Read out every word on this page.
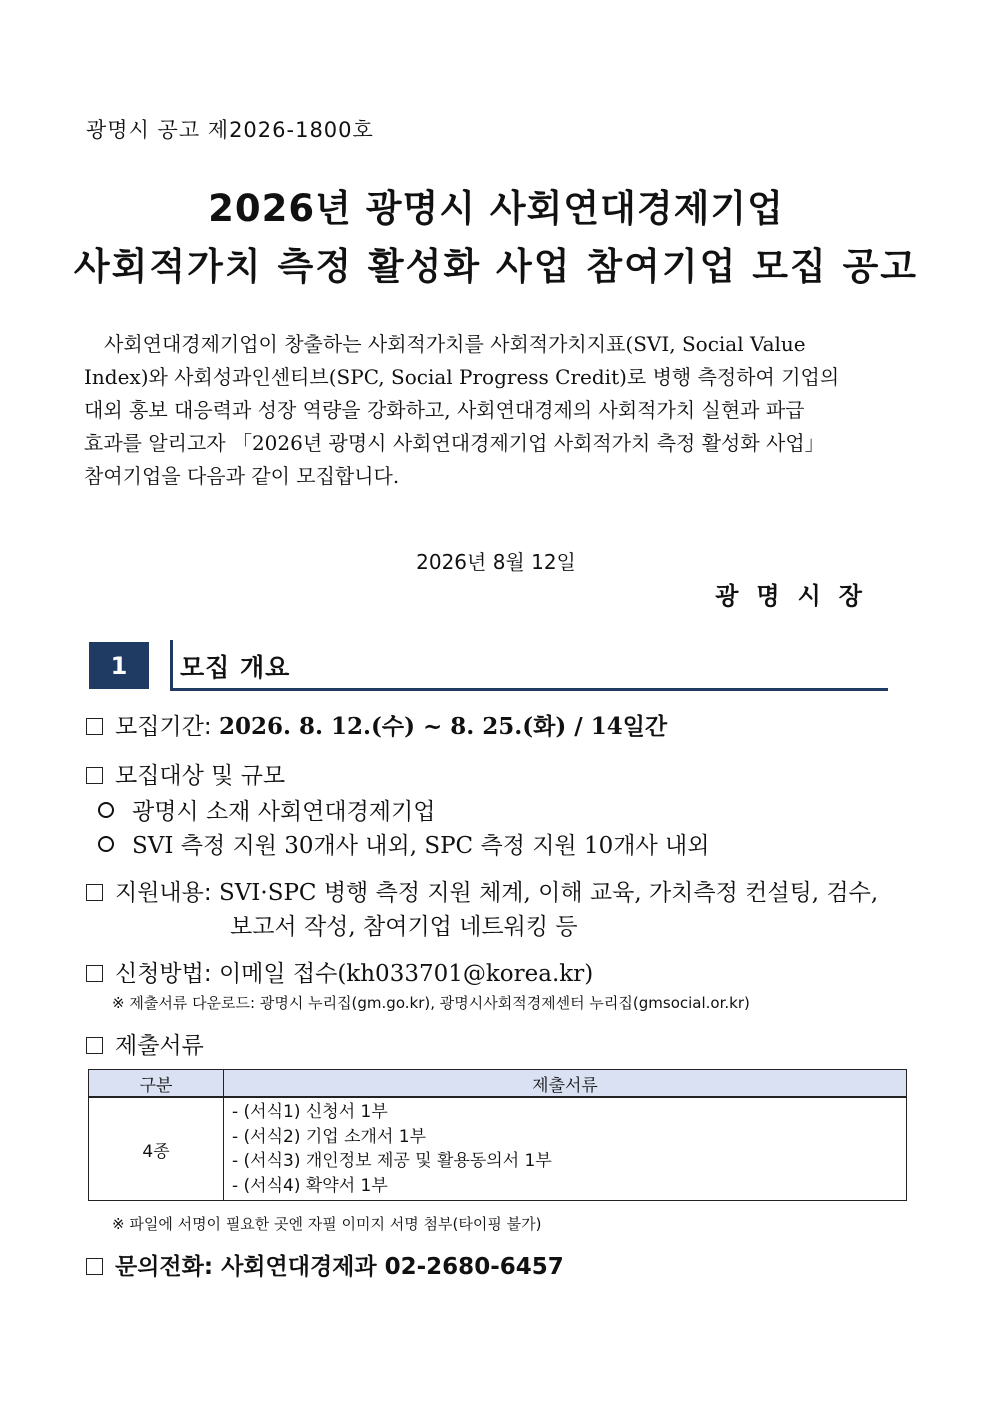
광명시 공고 제2026-1800호
2026년 광명시 사회연대경제기업
사회적가치 측정 활성화 사업 참여기업 모집 공고
사회연대경제기업이 창출하는 사회적가치를 사회적가치지표(SVI, Social Value
Index)와 사회성과인센티브(SPC, Social Progress Credit)로 병행 측정하여 기업의
대외 홍보 대응력과 성장 역량을 강화하고, 사회연대경제의 사회적가치 실현과 파급
효과를 알리고자 「2026년 광명시 사회연대경제기업 사회적가치 측정 활성화 사업」
참여기업을 다음과 같이 모집합니다.
2026년 8월 12일
광명시장
1	모집 개요
모집기간: 2026. 8. 12.(수) ~ 8. 25.(화) / 14일간
모집대상 및 규모
광명시 소재 사회연대경제기업
SVI 측정 지원 30개사 내외, SPC 측정 지원 10개사 내외
지원내용: SVI·SPC 병행 측정 지원 체계, 이해 교육, 가치측정 컨설팅, 검수,
보고서 작성, 참여기업 네트워킹 등
신청방법: 이메일 접수(kh033701@korea.kr)
※ 제출서류 다운로드: 광명시 누리집(gm.go.kr), 광명시사회적경제센터 누리집(gmsocial.or.kr)
제출서류
구분	제출서류
4종	- (서식1) 신청서 1부
- (서식2) 기업 소개서 1부
- (서식3) 개인정보 제공 및 활용동의서 1부
- (서식4) 확약서 1부
※ 파일에 서명이 필요한 곳엔 자필 이미지 서명 첨부(타이핑 불가)
문의전화: 사회연대경제과 02-2680-6457
